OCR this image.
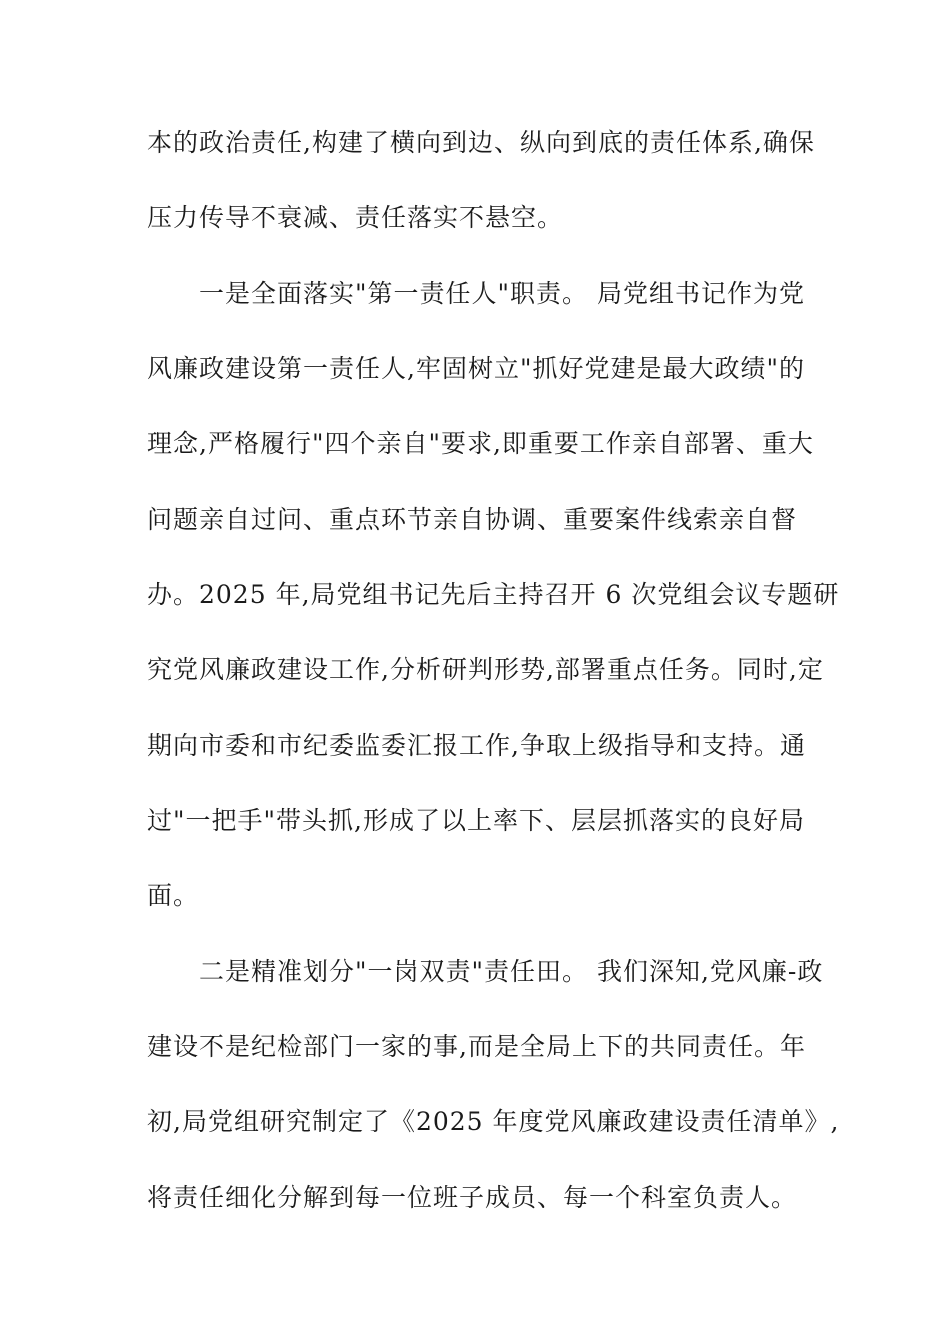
本的政治责任,构建了横向到边、纵向到底的责任体系,确保

压力传导不衰减、责任落实不悬空。

一是全面落实"第一责任人"职责。 局党组书记作为党

风廉政建设第一责任人,牢固树立"抓好党建是最大政绩"的

理念,严格履行"四个亲自"要求,即重要工作亲自部署、重大

问题亲自过问、重点环节亲自协调、重要案件线索亲自督

办。2025 年,局党组书记先后主持召开 6 次党组会议专题研

究党风廉政建设工作,分析研判形势,部署重点任务。同时,定

期向市委和市纪委监委汇报工作,争取上级指导和支持。通

过"一把手"带头抓,形成了以上率下、层层抓落实的良好局

面。

二是精准划分"一岗双责"责任田。 我们深知,党风廉-政

建设不是纪检部门一家的事,而是全局上下的共同责任。年

初,局党组研究制定了《2025 年度党风廉政建设责任清单》,

将责任细化分解到每一位班子成员、每一个科室负责人。
